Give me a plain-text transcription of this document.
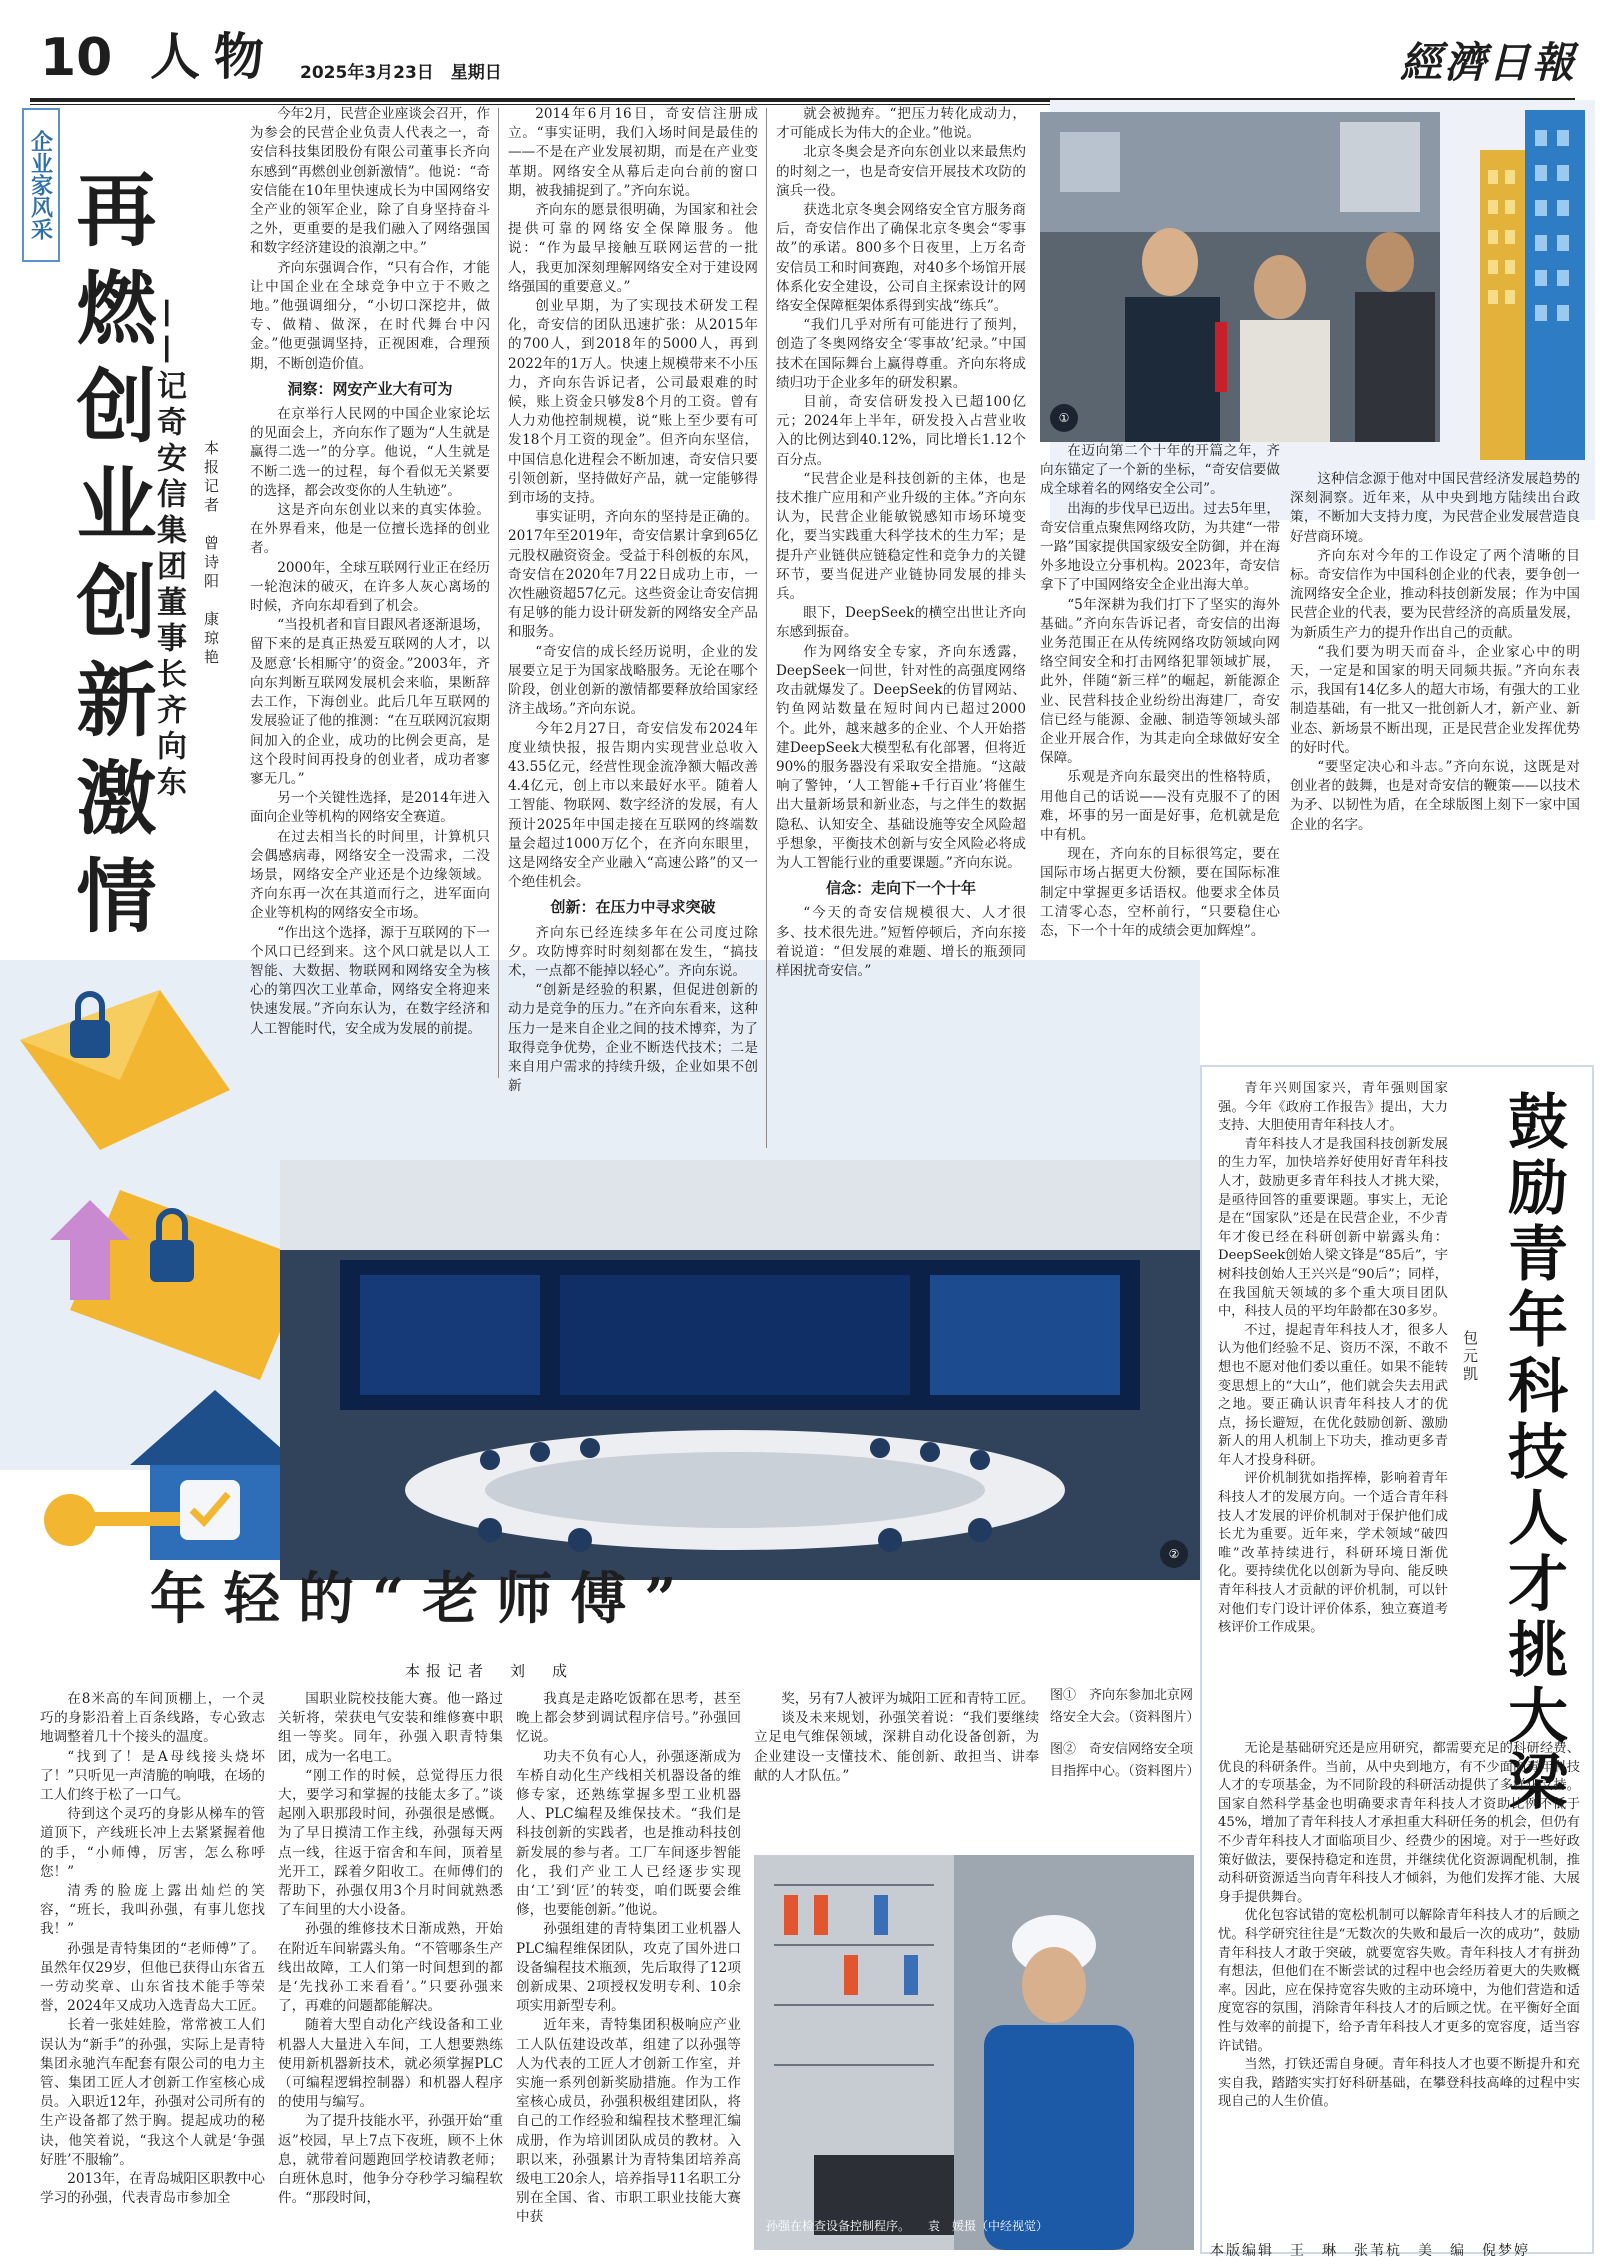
10 人物 2025年3月23日　星期日	經濟日報
企业家风采 再燃创业创新激情
——记奇安信集团董事长齐向东 本报记者　曾诗阳　康琼艳

今年2月，民营企业座谈会召开，作为参会的民营企业负责人代表之一，奇安信科技集团股份有限公司董事长齐向东感到“再燃创业创新激情”。他说：“奇安信能在10年里快速成长为中国网络安全产业的领军企业，除了自身坚持奋斗之外，更重要的是我们融入了网络强国和数字经济建设的浪潮之中。”

齐向东强调合作，“只有合作，才能让中国企业在全球竞争中立于不败之地。”他强调细分，“小切口深挖井，做专、做精、做深，在时代舞台中闪金。”他更强调坚持，正视困难，合理预期，不断创造价值。

洞察：网安产业大有可为

在京举行人民网的中国企业家论坛的见面会上，齐向东作了题为“人生就是赢得二选一”的分享。他说，“人生就是不断二选一的过程，每个看似无关紧要的选择，都会改变你的人生轨迹”。

这是齐向东创业以来的真实体验。在外界看来，他是一位擅长选择的创业者。

2000年，全球互联网行业正在经历一轮泡沫的破灭，在许多人灰心离场的时候，齐向东却看到了机会。

“当投机者和盲目跟风者逐渐退场，留下来的是真正热爱互联网的人才，以及愿意‘长相厮守’的资金。”2003年，齐向东判断互联网发展机会来临，果断辞去工作，下海创业。此后几年互联网的发展验证了他的推测：“在互联网沉寂期间加入的企业，成功的比例会更高，是这个段时间再投身的创业者，成功者寥寥无几。”

另一个关键性选择，是2014年进入面向企业等机构的网络安全赛道。

在过去相当长的时间里，计算机只会偶感病毒，网络安全一没需求，二没场景，网络安全产业还是个边缘领域。齐向东再一次在其道而行之，进军面向企业等机构的网络安全市场。

“作出这个选择，源于互联网的下一个风口已经到来。这个风口就是以人工智能、大数据、物联网和网络安全为核心的第四次工业革命，网络安全将迎来快速发展。”齐向东认为，在数字经济和人工智能时代，安全成为发展的前提。

2014年6月16日，奇安信注册成立。“事实证明，我们入场时间是最佳的——不是在产业发展初期，而是在产业变革期。网络安全从幕后走向台前的窗口期，被我捕捉到了。”齐向东说。

齐向东的愿景很明确，为国家和社会提供可靠的网络安全保障服务。他说：“作为最早接触互联网运营的一批人，我更加深刻理解网络安全对于建设网络强国的重要意义。”

创业早期，为了实现技术研发工程化，奇安信的团队迅速扩张：从2015年的700人，到2018年的5000人，再到2022年的1万人。快速上规模带来不小压力，齐向东告诉记者，公司最艰难的时候，账上资金只够发8个月的工资。曾有人力劝他控制规模，说“账上至少要有可发18个月工资的现金”。但齐向东坚信，中国信息化进程会不断加速，奇安信只要引领创新，坚持做好产品，就一定能够得到市场的支持。

事实证明，齐向东的坚持是正确的。2017年至2019年，奇安信累计拿到65亿元股权融资资金。受益于科创板的东风，奇安信在2020年7月22日成功上市，一次性融资超57亿元。这些资金让奇安信拥有足够的能力设计研发新的网络安全产品和服务。

“奇安信的成长经历说明，企业的发展要立足于为国家战略服务。无论在哪个阶段，创业创新的激情都要释放给国家经济主战场。”齐向东说。

今年2月27日，奇安信发布2024年度业绩快报，报告期内实现营业总收入43.55亿元，经营性现金流净额大幅改善4.4亿元，创上市以来最好水平。随着人工智能、物联网、数字经济的发展，有人预计2025年中国走接在互联网的终端数量会超过1000万亿个，在齐向东眼里，这是网络安全产业融入“高速公路”的又一个绝佳机会。

创新：在压力中寻求突破

齐向东已经连续多年在公司度过除夕。攻防博弈时时刻刻都在发生，“搞技术，一点都不能掉以轻心”。齐向东说。

“创新是经验的积累，但促进创新的动力是竞争的压力。”在齐向东看来，这种压力一是来自企业之间的技术博弈，为了取得竞争优势，企业不断迭代技术；二是来自用户需求的持续升级，企业如果不创新

就会被抛弃。“把压力转化成动力，才可能成长为伟大的企业。”他说。

北京冬奥会是齐向东创业以来最焦灼的时刻之一，也是奇安信开展技术攻防的演兵一役。

获选北京冬奥会网络安全官方服务商后，奇安信作出了确保北京冬奥会“零事故”的承诺。800多个日夜里，上万名奇安信员工和时间赛跑，对40多个场馆开展体系化安全建设，公司自主探索设计的网络安全保障框架体系得到实战“练兵”。

“我们几乎对所有可能进行了预判，创造了冬奥网络安全‘零事故’纪录。”中国技术在国际舞台上赢得尊重。齐向东将成绩归功于企业多年的研发积累。

目前，奇安信研发投入已超100亿元；2024年上半年，研发投入占营业收入的比例达到40.12%，同比增长1.12个百分点。

“民营企业是科技创新的主体，也是技术推广应用和产业升级的主体。”齐向东认为，民营企业能敏锐感知市场环境变化，要当实践重大科学技术的生力军；是提升产业链供应链稳定性和竞争力的关键环节，要当促进产业链协同发展的排头兵。

眼下，DeepSeek的横空出世让齐向东感到振奋。

作为网络安全专家，齐向东透露，DeepSeek一问世，针对性的高强度网络攻击就爆发了。DeepSeek的仿冒网站、钓鱼网站数量在短时间内已超过2000个。此外，越来越多的企业、个人开始搭建DeepSeek大模型私有化部署，但将近90%的服务器没有采取安全措施。“这敲响了警钟，‘人工智能+千行百业’将催生出大量新场景和新业态，与之伴生的数据隐私、认知安全、基础设施等安全风险超乎想象，平衡技术创新与安全风险必将成为人工智能行业的重要课题。”齐向东说。

信念：走向下一个十年

“今天的奇安信规模很大、人才很多、技术很先进。”短暂停顿后，齐向东接着说道：“但发展的难题、增长的瓶颈同样困扰奇安信。”

①

在迈向第二个十年的开篇之年，齐向东锚定了一个新的坐标，“奇安信要做成全球着名的网络安全公司”。

出海的步伐早已迈出。过去5年里，奇安信重点聚焦网络攻防，为共建“一带一路”国家提供国家级安全防御，并在海外多地设立分事机构。2023年，奇安信拿下了中国网络安全企业出海大单。

“5年深耕为我们打下了坚实的海外基础。”齐向东告诉记者，奇安信的出海业务范围正在从传统网络攻防领域向网络空间安全和打击网络犯罪领域扩展，此外，伴随“新三样”的崛起，新能源企业、民营科技企业纷纷出海建厂，奇安信已经与能源、金融、制造等领域头部企业开展合作，为其走向全球做好安全保障。

乐观是齐向东最突出的性格特质，用他自己的话说——没有克服不了的困难，坏事的另一面是好事，危机就是危中有机。

现在，齐向东的目标很笃定，要在国际市场占据更大份额，要在国际标准制定中掌握更多话语权。他要求全体员工清零心态，空杯前行，“只要稳住心态，下一个十年的成绩会更加辉煌”。

这种信念源于他对中国民营经济发展趋势的深刻洞察。近年来，从中央到地方陆续出台政策，不断加大支持力度，为民营企业发展营造良好营商环境。

齐向东对今年的工作设定了两个清晰的目标。奇安信作为中国科创企业的代表，要争创一流网络安全企业，推动科技创新发展；作为中国民营企业的代表，要为民营经济的高质量发展，为新质生产力的提升作出自己的贡献。

“我们要为明天而奋斗，企业家心中的明天，一定是和国家的明天同频共振。”齐向东表示，我国有14亿多人的超大市场，有强大的工业制造基础，有一批又一批创新人才，新产业、新业态、新场景不断出现，正是民营企业发挥优势的好时代。

“要坚定决心和斗志。”齐向东说，这既是对创业者的鼓舞，也是对奇安信的鞭策——以技术为矛、以韧性为盾，在全球版图上刻下一家中国企业的名字。

②
图①　齐向东参加北京网络安全大会。（资料图片）
图②　奇安信网络安全项目指挥中心。（资料图片）	鼓励青年科技人才挑大梁
包元凯

青年兴则国家兴，青年强则国家强。今年《政府工作报告》提出，大力支持、大胆使用青年科技人才。

青年科技人才是我国科技创新发展的生力军，加快培养好使用好青年科技人才，鼓励更多青年科技人才挑大梁，是亟待回答的重要课题。事实上，无论是在“国家队”还是在民营企业，不少青年才俊已经在科研创新中崭露头角：DeepSeek创始人梁文锋是“85后”，宇树科技创始人王兴兴是“90后”；同样，在我国航天领域的多个重大项目团队中，科技人员的平均年龄都在30多岁。

不过，提起青年科技人才，很多人认为他们经验不足、资历不深，不敢不想也不愿对他们委以重任。如果不能转变思想上的“大山”，他们就会失去用武之地。要正确认识青年科技人才的优点，扬长避短，在优化鼓励创新、激励新人的用人机制上下功夫，推动更多青年人才投身科研。

评价机制犹如指挥棒，影响着青年科技人才的发展方向。一个适合青年科技人才发展的评价机制对于保护他们成长尤为重要。近年来，学术领域“破四唯”改革持续进行，科研环境日渐优化。要持续优化以创新为导向、能反映青年科技人才贡献的评价机制，可以针对他们专门设计评价体系，独立赛道考核评价工作成果。

无论是基础研究还是应用研究，都需要充足的科研经费、优良的科研条件。当前，从中央到地方，有不少面向青年科技人才的专项基金，为不同阶段的科研活动提供了多样化支持。国家自然科学基金也明确要求青年科技人才资助比例不低于45%，增加了青年科技人才承担重大科研任务的机会，但仍有不少青年科技人才面临项目少、经费少的困境。对于一些好政策好做法，要保持稳定和连贯，并继续优化资源调配机制，推动科研资源适当向青年科技人才倾斜，为他们发挥才能、大展身手提供舞台。

优化包容试错的宽松机制可以解除青年科技人才的后顾之忧。科学研究往往是“无数次的失败和最后一次的成功”，鼓励青年科技人才敢于突破，就要宽容失败。青年科技人才有拼劲有想法，但他们在不断尝试的过程中也会经历着更大的失败概率。因此，应在保持宽容失败的主动环境中，为他们营造和适度宽容的氛围，消除青年科技人才的后顾之忧。在平衡好全面性与效率的前提下，给予青年科技人才更多的宽容度，适当容许试错。

当然，打铁还需自身硬。青年科技人才也要不断提升和充实自我，踏踏实实打好科研基础，在攀登科技高峰的过程中实现自己的人生价值。

年轻的“老师傅”
本报记者　刘　成

在8米高的车间顶棚上，一个灵巧的身影沿着上百条线路，专心致志地调整着几十个接头的温度。

“找到了！是A母线接头烧坏了！”只听见一声清脆的响哦，在场的工人们终于松了一口气。

待到这个灵巧的身影从梯车的管道顶下，产线班长冲上去紧紧握着他的手，“小师傅，厉害，怎么称呼您！”

清秀的脸庞上露出灿烂的笑容，“班长，我叫孙强，有事儿您找我！”

孙强是青特集团的“老师傅”了。虽然年仅29岁，但他已获得山东省五一劳动奖章、山东省技术能手等荣誉，2024年又成功入选青岛大工匠。

长着一张娃娃脸，常常被工人们误认为“新手”的孙强，实际上是青特集团永驰汽车配套有限公司的电力主管、集团工匠人才创新工作室核心成员。入职近12年，孙强对公司所有的生产设备都了然于胸。提起成功的秘诀，他笑着说，“我这个人就是‘争强好胜’不服输”。

2013年，在青岛城阳区职教中心学习的孙强，代表青岛市参加全

国职业院校技能大赛。他一路过关斩将，荣获电气安装和维修赛中职组一等奖。同年，孙强入职青特集团，成为一名电工。

“刚工作的时候，总觉得压力很大，要学习和掌握的技能太多了。”谈起刚入职那段时间，孙强很是感慨。为了早日摸清工作主线，孙强每天两点一线，往返于宿舍和车间，顶着星光开工，踩着夕阳收工。在师傅们的帮助下，孙强仅用3个月时间就熟悉了车间里的大小设备。

孙强的维修技术日渐成熟，开始在附近车间崭露头角。“不管哪条生产线出故障，工人们第一时间想到的都是‘先找孙工来看看’。”只要孙强来了，再难的问题都能解决。

随着大型自动化产线设备和工业机器人大量进入车间，工人想要熟练使用新机器新技术，就必须掌握PLC（可编程逻辑控制器）和机器人程序的使用与编写。

为了提升技能水平，孙强开始“重返”校园，早上7点下夜班，顾不上休息，就带着问题跑回学校请教老师；白班休息时，他争分夺秒学习编程软件。“那段时间，

我真是走路吃饭都在思考，甚至晚上都会梦到调试程序信号。”孙强回忆说。

功夫不负有心人，孙强逐渐成为车桥自动化生产线相关机器设备的维修专家，还熟练掌握多型工业机器人、PLC编程及维保技术。“我们是科技创新的实践者，也是推动科技创新发展的参与者。工厂车间逐步智能化，我们产业工人已经逐步实现由‘工’到‘匠’的转变，咱们既要会维修，也要能创新。”他说。

孙强组建的青特集团工业机器人PLC编程维保团队，攻克了国外进口设备编程技术瓶颈，先后取得了12项创新成果、2项授权发明专利、10余项实用新型专利。

近年来，青特集团积极响应产业工人队伍建设改革，组建了以孙强等人为代表的工匠人才创新工作室，并实施一系列创新奖励措施。作为工作室核心成员，孙强积极组建团队，将自己的工作经验和编程技术整理汇编成册，作为培训团队成员的教材。入职以来，孙强累计为青特集团培养高级电工20余人，培养指导11名职工分别在全国、省、市职工职业技能大赛中获

奖，另有7人被评为城阳工匠和青特工匠。

谈及未来规划，孙强笑着说：“我们要继续立足电气维保领域，深耕自动化设备创新，为企业建设一支懂技术、能创新、敢担当、讲奉献的人才队伍。”

孙强在检查设备控制程序。　　袁　媛摄（中经视觉）
本版编辑　王　琳　张苇杭　美　编　倪梦婷
